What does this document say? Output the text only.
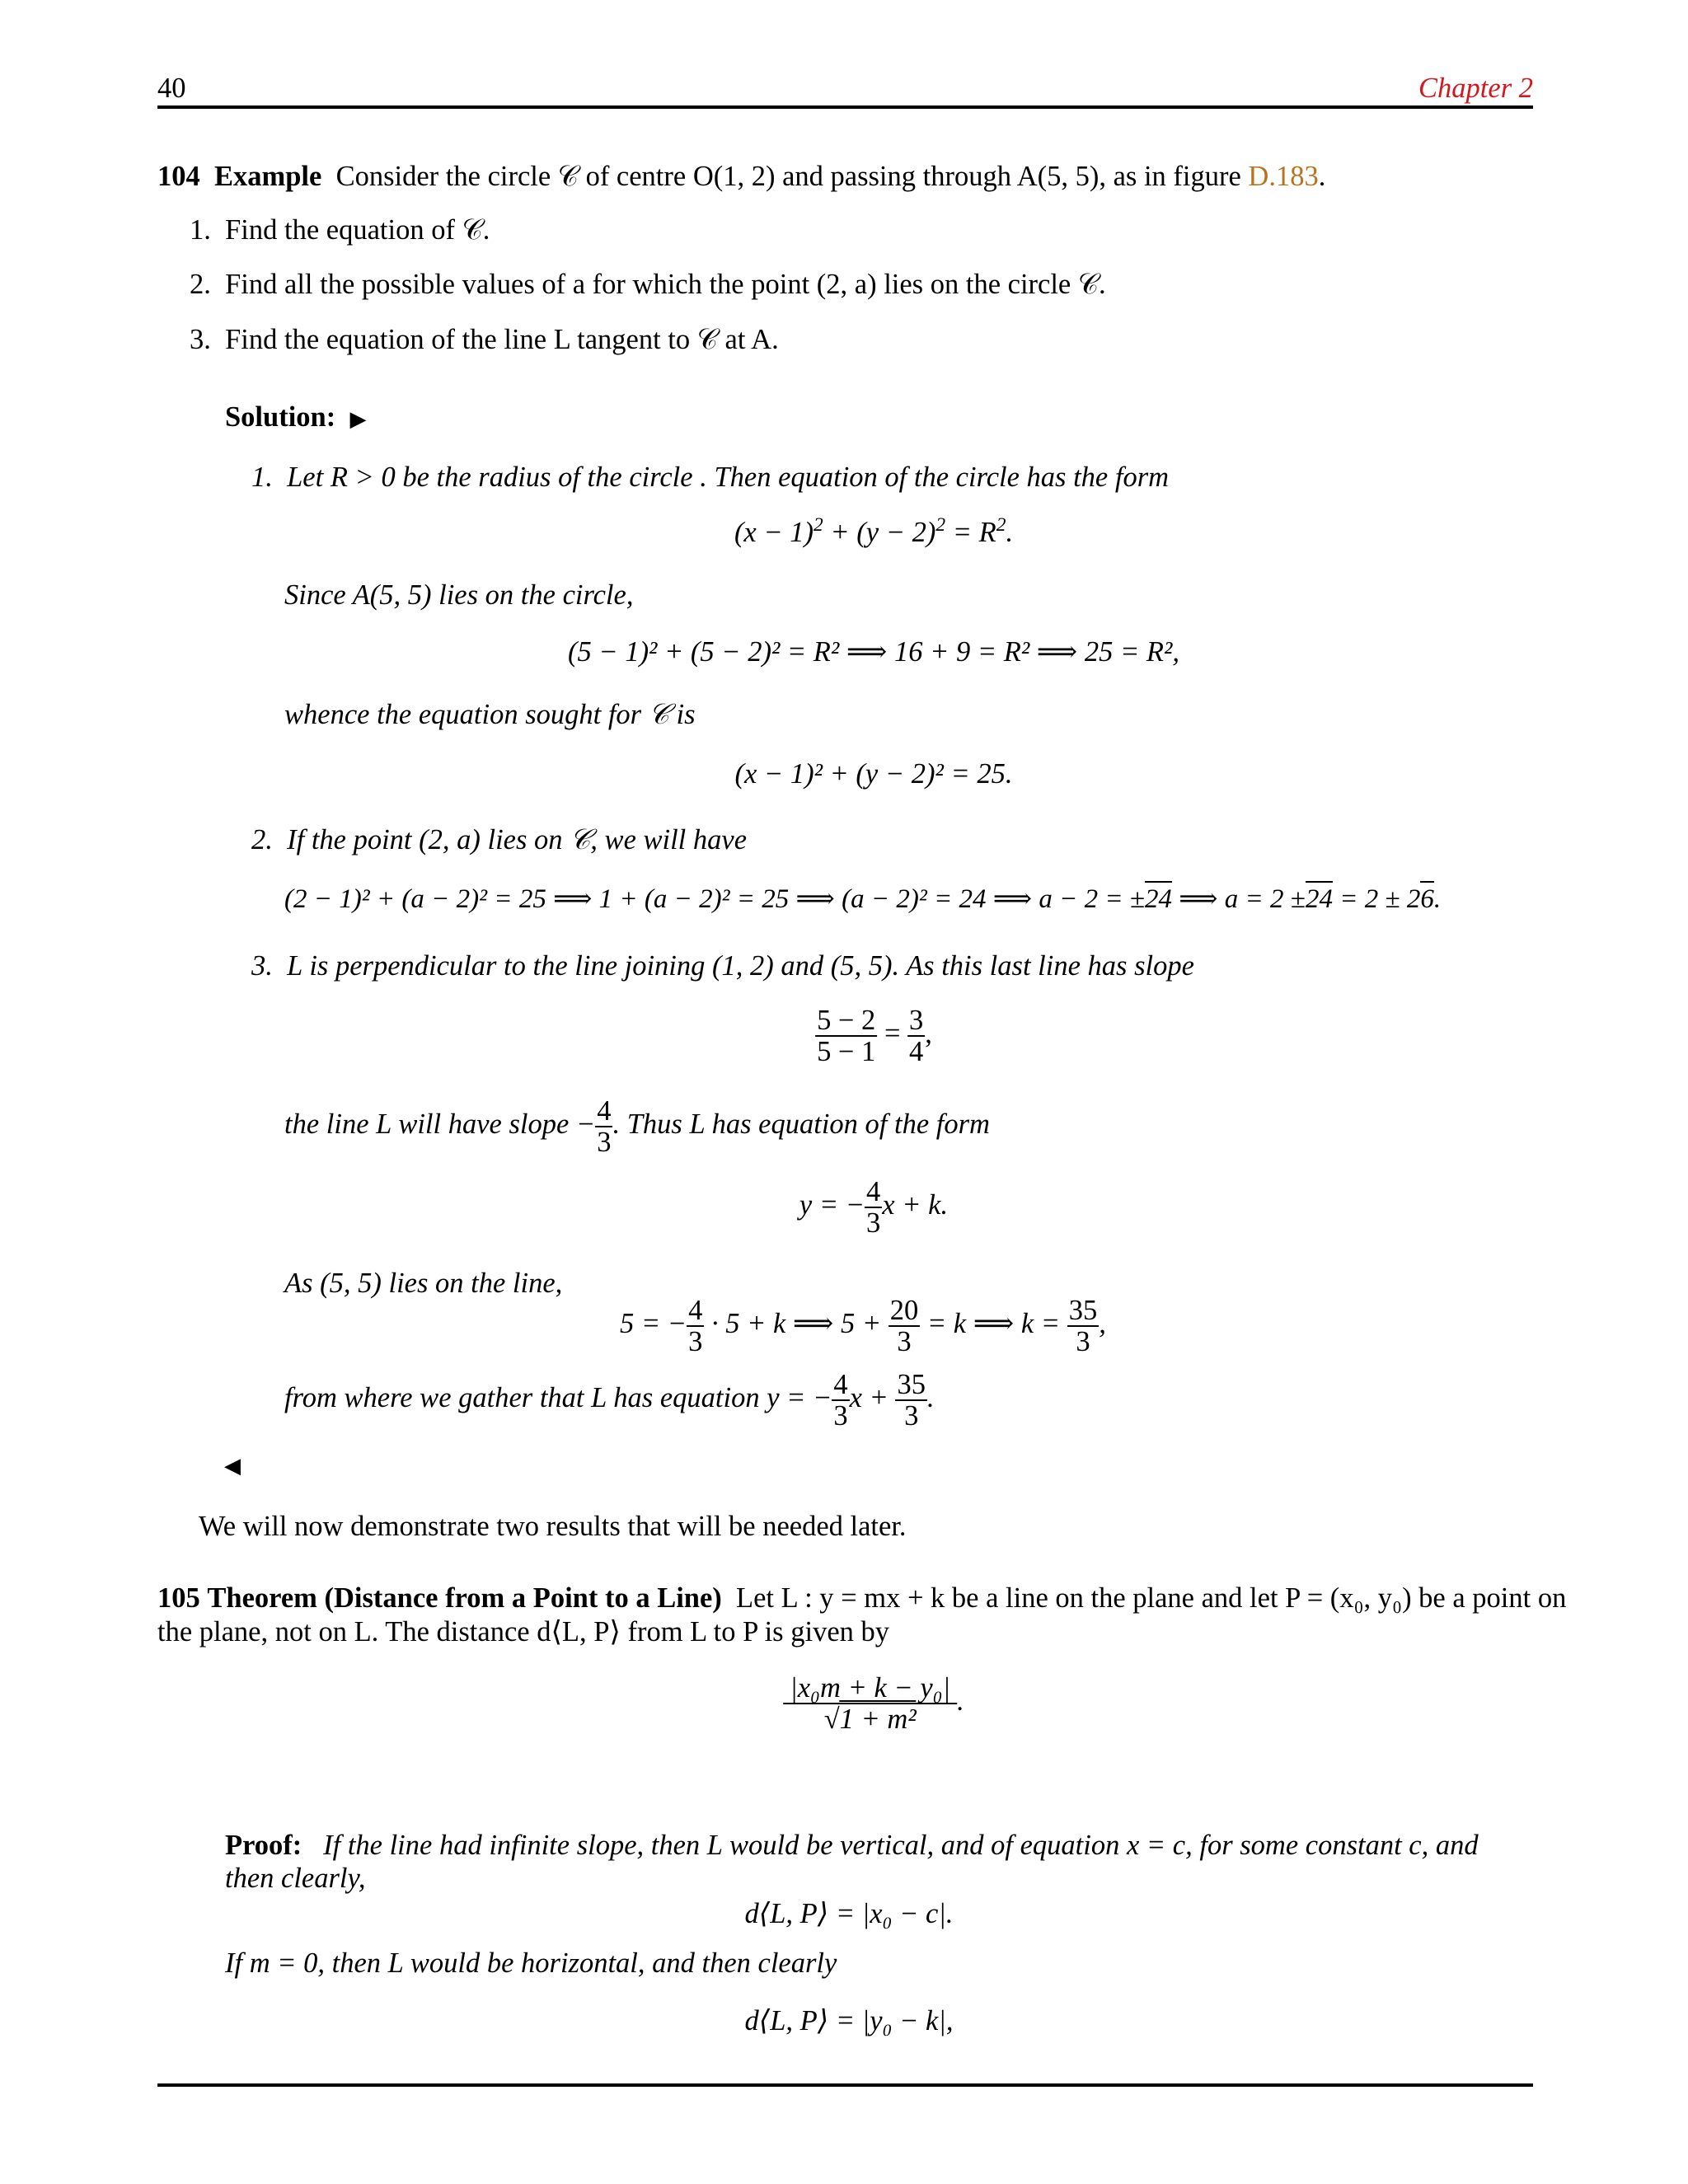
40	Chapter 2
104 Example Consider the circle 𝒞 of centre O(1, 2) and passing through A(5, 5), as in figure D.183.
1. Find the equation of 𝒞.
2. Find all the possible values of a for which the point (2, a) lies on the circle 𝒞.
3. Find the equation of the line L tangent to 𝒞 at A.
Solution: ▶
1.  Let R > 0 be the radius of the circle . Then equation of the circle has the form
$(x - 1)^2 + (y - 2)^2 = R^2$.
Since A(5, 5) lies on the circle,
(5 − 1)² + (5 − 2)² = R² ⟹ 16 + 9 = R² ⟹ 25 = R²,
whence the equation sought for 𝒞 is
(x − 1)² + (y − 2)² = 25.
2.  If the point (2, a) lies on 𝒞, we will have
(2 − 1)² + (a − 2)² = 25 ⟹ 1 + (a − 2)² = 25 ⟹ (a − 2)² = 24 ⟹ a − 2 = ±24 ⟹ a = 2 ±24 = 2 ± 26.
3.  L is perpendicular to the line joining (1, 2) and (5, 5). As this last line has slope
$\frac{5 - 2}{5 - 1} = \frac{3}{4}$ ,
the line L will have slope − $\frac{4}{3}$ . Thus L has equation of the form
y = − $\frac{4}{3}$ x + k.
As (5, 5) lies on the line,
5 = − $\frac{4}{3} \cdot 5 + k$ ⟹ $5 + \frac{20}{3} = k$ ⟹ $k = \frac{35}{3}$ ,
from where we gather that L has equation y = − $\frac{4}{3}$ $x + \frac{35}{3}$ .
◀
We will now demonstrate two results that will be needed later.
105 Theorem (Distance from a Point to a Line) Let L : y = mx + k be a line on the plane and let P = (x₀, y₀) be a point on
the plane, not on L. The distance d⟨L, P⟩ from L to P is given by
$\frac{\text{|x₀m + k − y₀|}}{\text{√1 + m²}}$ .
Proof: If the line had infinite slope, then L would be vertical, and of equation x = c, for some constant c, and
then clearly,
d⟨L, P⟩ = |x₀ − c|.
If m = 0, then L would be horizontal, and then clearly
d⟨L, P⟩ = |y₀ − k|,
